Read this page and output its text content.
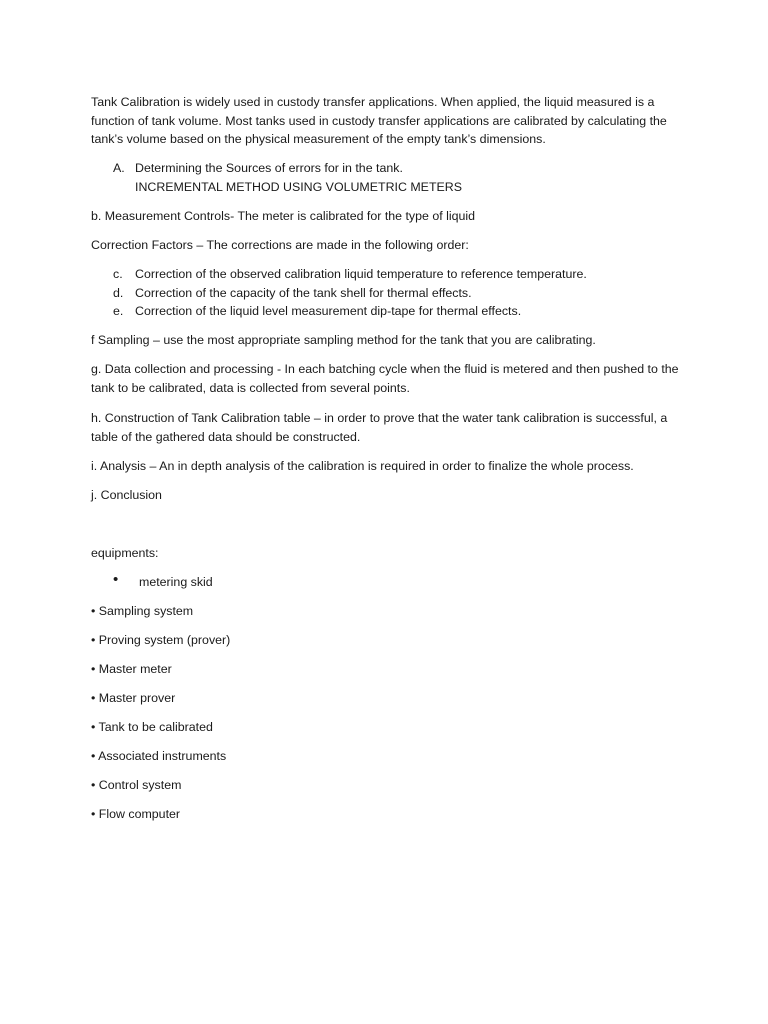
Tank Calibration is widely used in custody transfer applications. When applied, the liquid measured is a function of tank volume. Most tanks used in custody transfer applications are calibrated by calculating the tank’s volume based on the physical measurement of the empty tank’s dimensions.

A. Determining the Sources of errors for in the tank.
INCREMENTAL METHOD USING VOLUMETRIC METERS

b. Measurement Controls- The meter is calibrated for the type of liquid

Correction Factors – The corrections are made in the following order:

c. Correction of the observed calibration liquid temperature to reference temperature.
d. Correction of the capacity of the tank shell for thermal effects.
e. Correction of the liquid level measurement dip-tape for thermal effects.

f Sampling – use the most appropriate sampling method for the tank that you are calibrating.

g. Data collection and processing - In each batching cycle when the fluid is metered and then pushed to the tank to be calibrated, data is collected from several points.

h. Construction of Tank Calibration table – in order to prove that the water tank calibration is successful, a table of the gathered data should be constructed.

i. Analysis – An in depth analysis of the calibration is required in order to finalize the whole process.

j. Conclusion

equipments:

• metering skid

• Sampling system

• Proving system (prover)

• Master meter

• Master prover

• Tank to be calibrated

• Associated instruments

• Control system

• Flow computer
